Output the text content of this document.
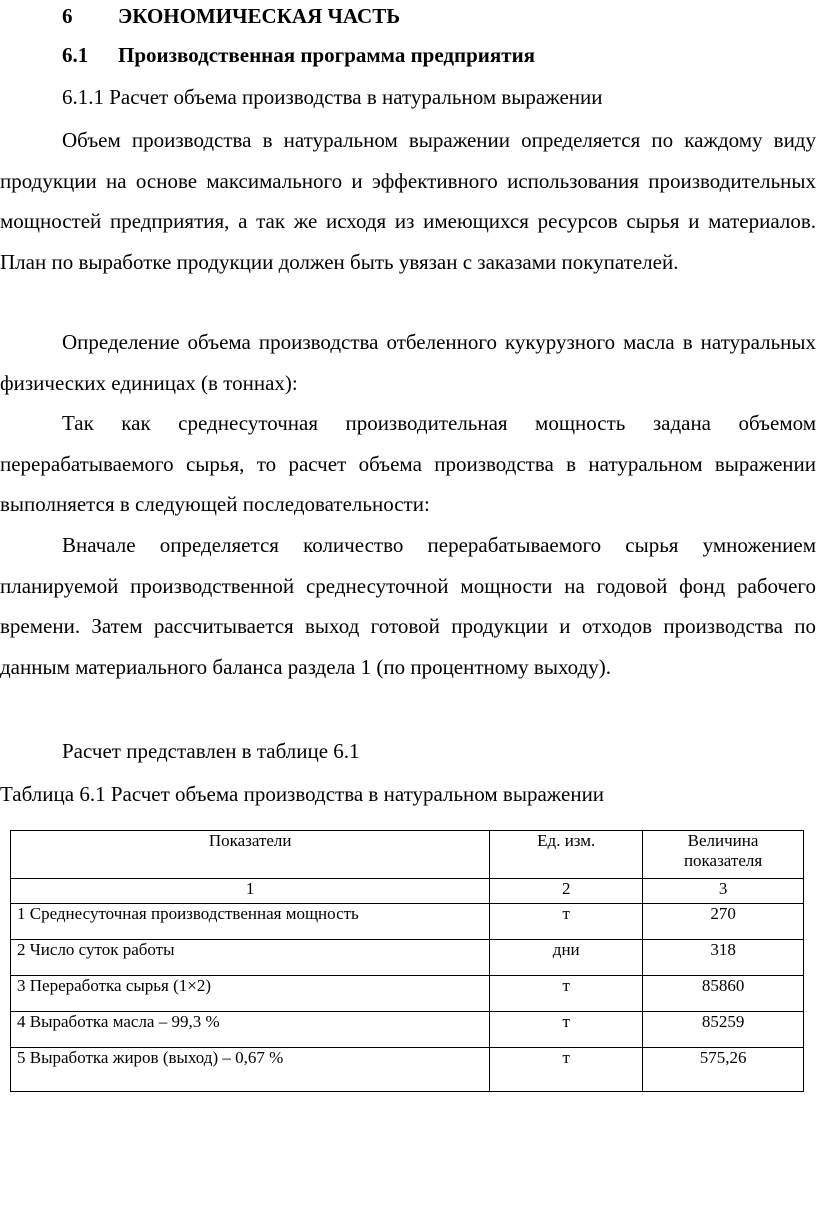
6 ЭКОНОМИЧЕСКАЯ ЧАСТЬ
6.1 Производственная программа предприятия
6.1.1 Расчет объема производства в натуральном выражении

Объем производства в натуральном выражении определяется по каждому виду продукции на основе максимального и эффективного использования производительных мощностей предприятия, а так же исходя из имеющихся ресурсов сырья и материалов. План по выработке продукции должен быть увязан с заказами покупателей.

Определение объема производства отбеленного кукурузного масла в натуральных физических единицах (в тоннах):

Так как среднесуточная производительная мощность задана объемом перерабатываемого сырья, то расчет объема производства в натуральном выражении выполняется в следующей последовательности:

Вначале определяется количество перерабатываемого сырья умножением планируемой производственной среднесуточной мощности на годовой фонд рабочего времени. Затем рассчитывается выход готовой продукции и отходов производства по данным материального баланса раздела 1 (по процентному выходу).

Расчет представлен в таблице 6.1
Таблица 6.1 Расчет объема производства в натуральном выражении
Показатели	Ед. изм.	Величина показателя
1	2	3
1 Среднесуточная производственная мощность	т	270
2 Число суток работы	дни	318
3 Переработка сырья (1×2)	т	85860
4 Выработка масла – 99,3 %	т	85259
5 Выработка жиров (выход) – 0,67 %	т	575,26
